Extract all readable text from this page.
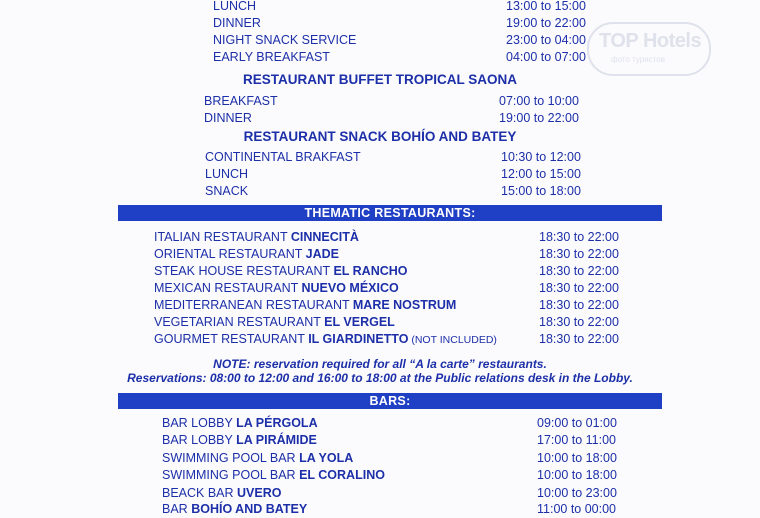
TOP Hotels
фото туристов
LUNCH	13:00 to 15:00
DINNER	19:00 to 22:00
NIGHT SNACK SERVICE	23:00 to 04:00
EARLY BREAKFAST	04:00 to 07:00
RESTAURANT BUFFET TROPICAL SAONA
BREAKFAST	07:00 to 10:00
DINNER	19:00 to 22:00
RESTAURANT SNACK BOHÍO AND BATEY
CONTINENTAL BRAKFAST	10:30 to 12:00
LUNCH	12:00 to 15:00
SNACK	15:00 to 18:00
THEMATIC RESTAURANTS:
ITALIAN RESTAURANT CINNECITÀ	18:30 to 22:00
ORIENTAL RESTAURANT JADE	18:30 to 22:00
STEAK HOUSE RESTAURANT EL RANCHO	18:30 to 22:00
MEXICAN RESTAURANT NUEVO MÉXICO	18:30 to 22:00
MEDITERRANEAN RESTAURANT MARE NOSTRUM	18:30 to 22:00
VEGETARIAN RESTAURANT EL VERGEL	18:30 to 22:00
GOURMET RESTAURANT IL GIARDINETTO (NOT INCLUDED)	18:30 to 22:00
NOTE: reservation required for all “A la carte” restaurants.
Reservations: 08:00 to 12:00 and 16:00 to 18:00 at the Public relations desk in the Lobby.
BARS:
BAR LOBBY LA PÉRGOLA	09:00 to 01:00
BAR LOBBY LA PIRÁMIDE	17:00 to 11:00
SWIMMING POOL BAR LA YOLA	10:00 to 18:00
SWIMMING POOL BAR EL CORALINO	10:00 to 18:00
BEACK BAR UVERO	10:00 to 23:00
BAR BOHÍO AND BATEY	11:00 to 00:00
